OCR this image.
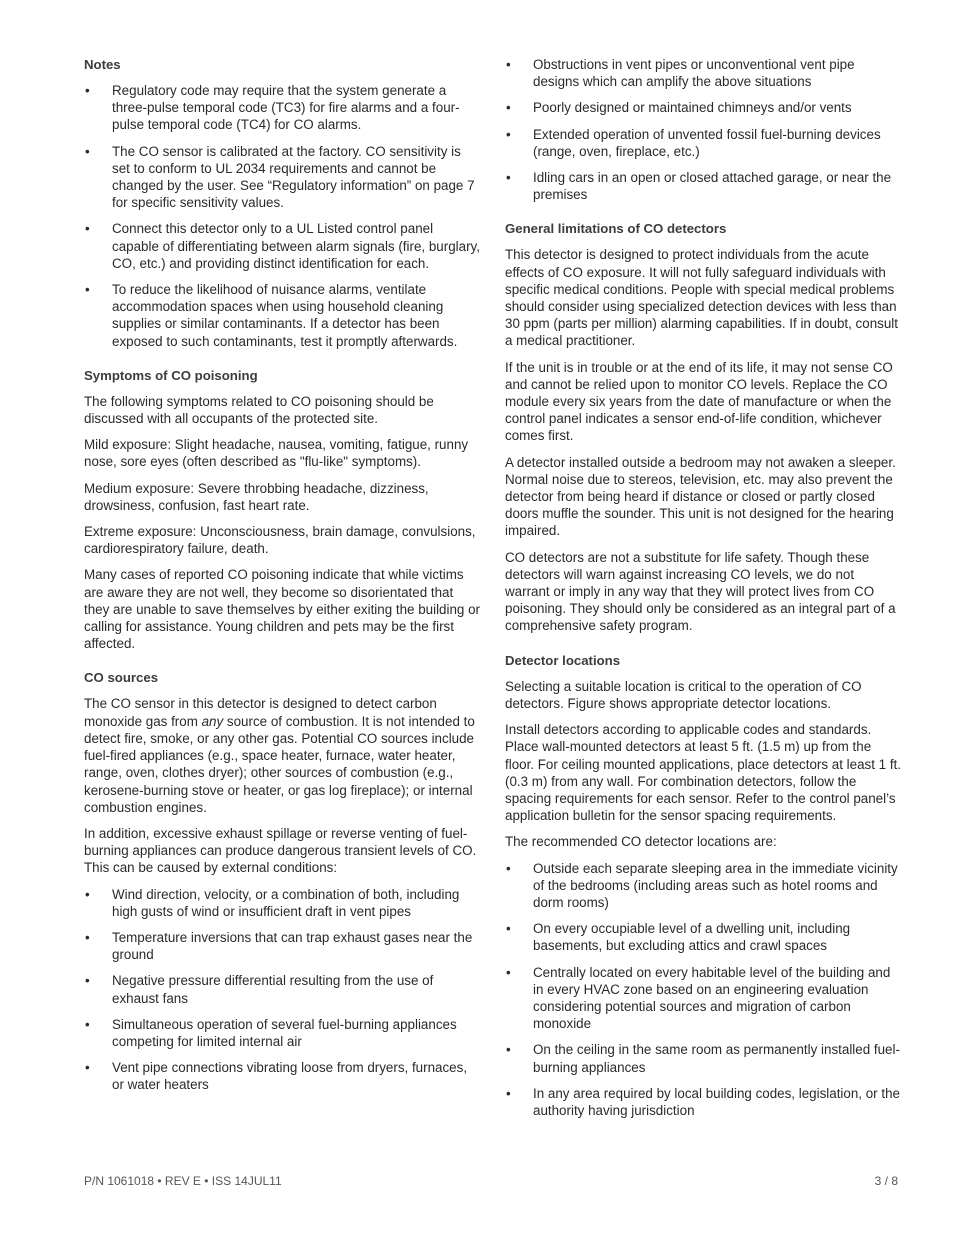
Notes
• Regulatory code may require that the system generate a three-pulse temporal code (TC3) for fire alarms and a four-pulse temporal code (TC4) for CO alarms.
• The CO sensor is calibrated at the factory. CO sensitivity is set to conform to UL 2034 requirements and cannot be changed by the user. See “Regulatory information” on page 7 for specific sensitivity values.
• Connect this detector only to a UL Listed control panel capable of differentiating between alarm signals (fire, burglary, CO, etc.) and providing distinct identification for each.
• To reduce the likelihood of nuisance alarms, ventilate accommodation spaces when using household cleaning supplies or similar contaminants. If a detector has been exposed to such contaminants, test it promptly afterwards.
Symptoms of CO poisoning

The following symptoms related to CO poisoning should be discussed with all occupants of the protected site.

Mild exposure: Slight headache, nausea, vomiting, fatigue, runny nose, sore eyes (often described as "flu-like" symptoms).

Medium exposure: Severe throbbing headache, dizziness, drowsiness, confusion, fast heart rate.

Extreme exposure: Unconsciousness, brain damage, convulsions, cardiorespiratory failure, death.

Many cases of reported CO poisoning indicate that while victims are aware they are not well, they become so disorientated that they are unable to save themselves by either exiting the building or calling for assistance. Young children and pets may be the first affected.

CO sources

The CO sensor in this detector is designed to detect carbon monoxide gas from any source of combustion. It is not intended to detect fire, smoke, or any other gas. Potential CO sources include fuel-fired appliances (e.g., space heater, furnace, water heater, range, oven, clothes dryer); other sources of combustion (e.g., kerosene-burning stove or heater, or gas log fireplace); or internal combustion engines.

In addition, excessive exhaust spillage or reverse venting of fuel-burning appliances can produce dangerous transient levels of CO. This can be caused by external conditions:

• Wind direction, velocity, or a combination of both, including high gusts of wind or insufficient draft in vent pipes
• Temperature inversions that can trap exhaust gases near the ground
• Negative pressure differential resulting from the use of exhaust fans
• Simultaneous operation of several fuel-burning appliances competing for limited internal air
• Vent pipe connections vibrating loose from dryers, furnaces, or water heaters
• Obstructions in vent pipes or unconventional vent pipe designs which can amplify the above situations
• Poorly designed or maintained chimneys and/or vents
• Extended operation of unvented fossil fuel-burning devices (range, oven, fireplace, etc.)
• Idling cars in an open or closed attached garage, or near the premises
General limitations of CO detectors

This detector is designed to protect individuals from the acute effects of CO exposure. It will not fully safeguard individuals with specific medical conditions. People with special medical problems should consider using specialized detection devices with less than 30 ppm (parts per million) alarming capabilities. If in doubt, consult a medical practitioner.

If the unit is in trouble or at the end of its life, it may not sense CO and cannot be relied upon to monitor CO levels. Replace the CO module every six years from the date of manufacture or when the control panel indicates a sensor end-of-life condition, whichever comes first.

A detector installed outside a bedroom may not awaken a sleeper. Normal noise due to stereos, television, etc. may also prevent the detector from being heard if distance or closed or partly closed doors muffle the sounder. This unit is not designed for the hearing impaired.

CO detectors are not a substitute for life safety. Though these detectors will warn against increasing CO levels, we do not warrant or imply in any way that they will protect lives from CO poisoning. They should only be considered as an integral part of a comprehensive safety program.

Detector locations

Selecting a suitable location is critical to the operation of CO detectors. Figure shows appropriate detector locations.

Install detectors according to applicable codes and standards. Place wall-mounted detectors at least 5 ft. (1.5 m) up from the floor. For ceiling mounted applications, place detectors at least 1 ft. (0.3 m) from any wall. For combination detectors, follow the spacing requirements for each sensor. Refer to the control panel’s application bulletin for the sensor spacing requirements.

The recommended CO detector locations are:

• Outside each separate sleeping area in the immediate vicinity of the bedrooms (including areas such as hotel rooms and dorm rooms)
• On every occupiable level of a dwelling unit, including basements, but excluding attics and crawl spaces
• Centrally located on every habitable level of the building and in every HVAC zone based on an engineering evaluation considering potential sources and migration of carbon monoxide
• On the ceiling in the same room as permanently installed fuel-burning appliances
• In any area required by local building codes, legislation, or the authority having jurisdiction
P/N 1061018 • REV E • ISS 14JUL11	3 / 8
